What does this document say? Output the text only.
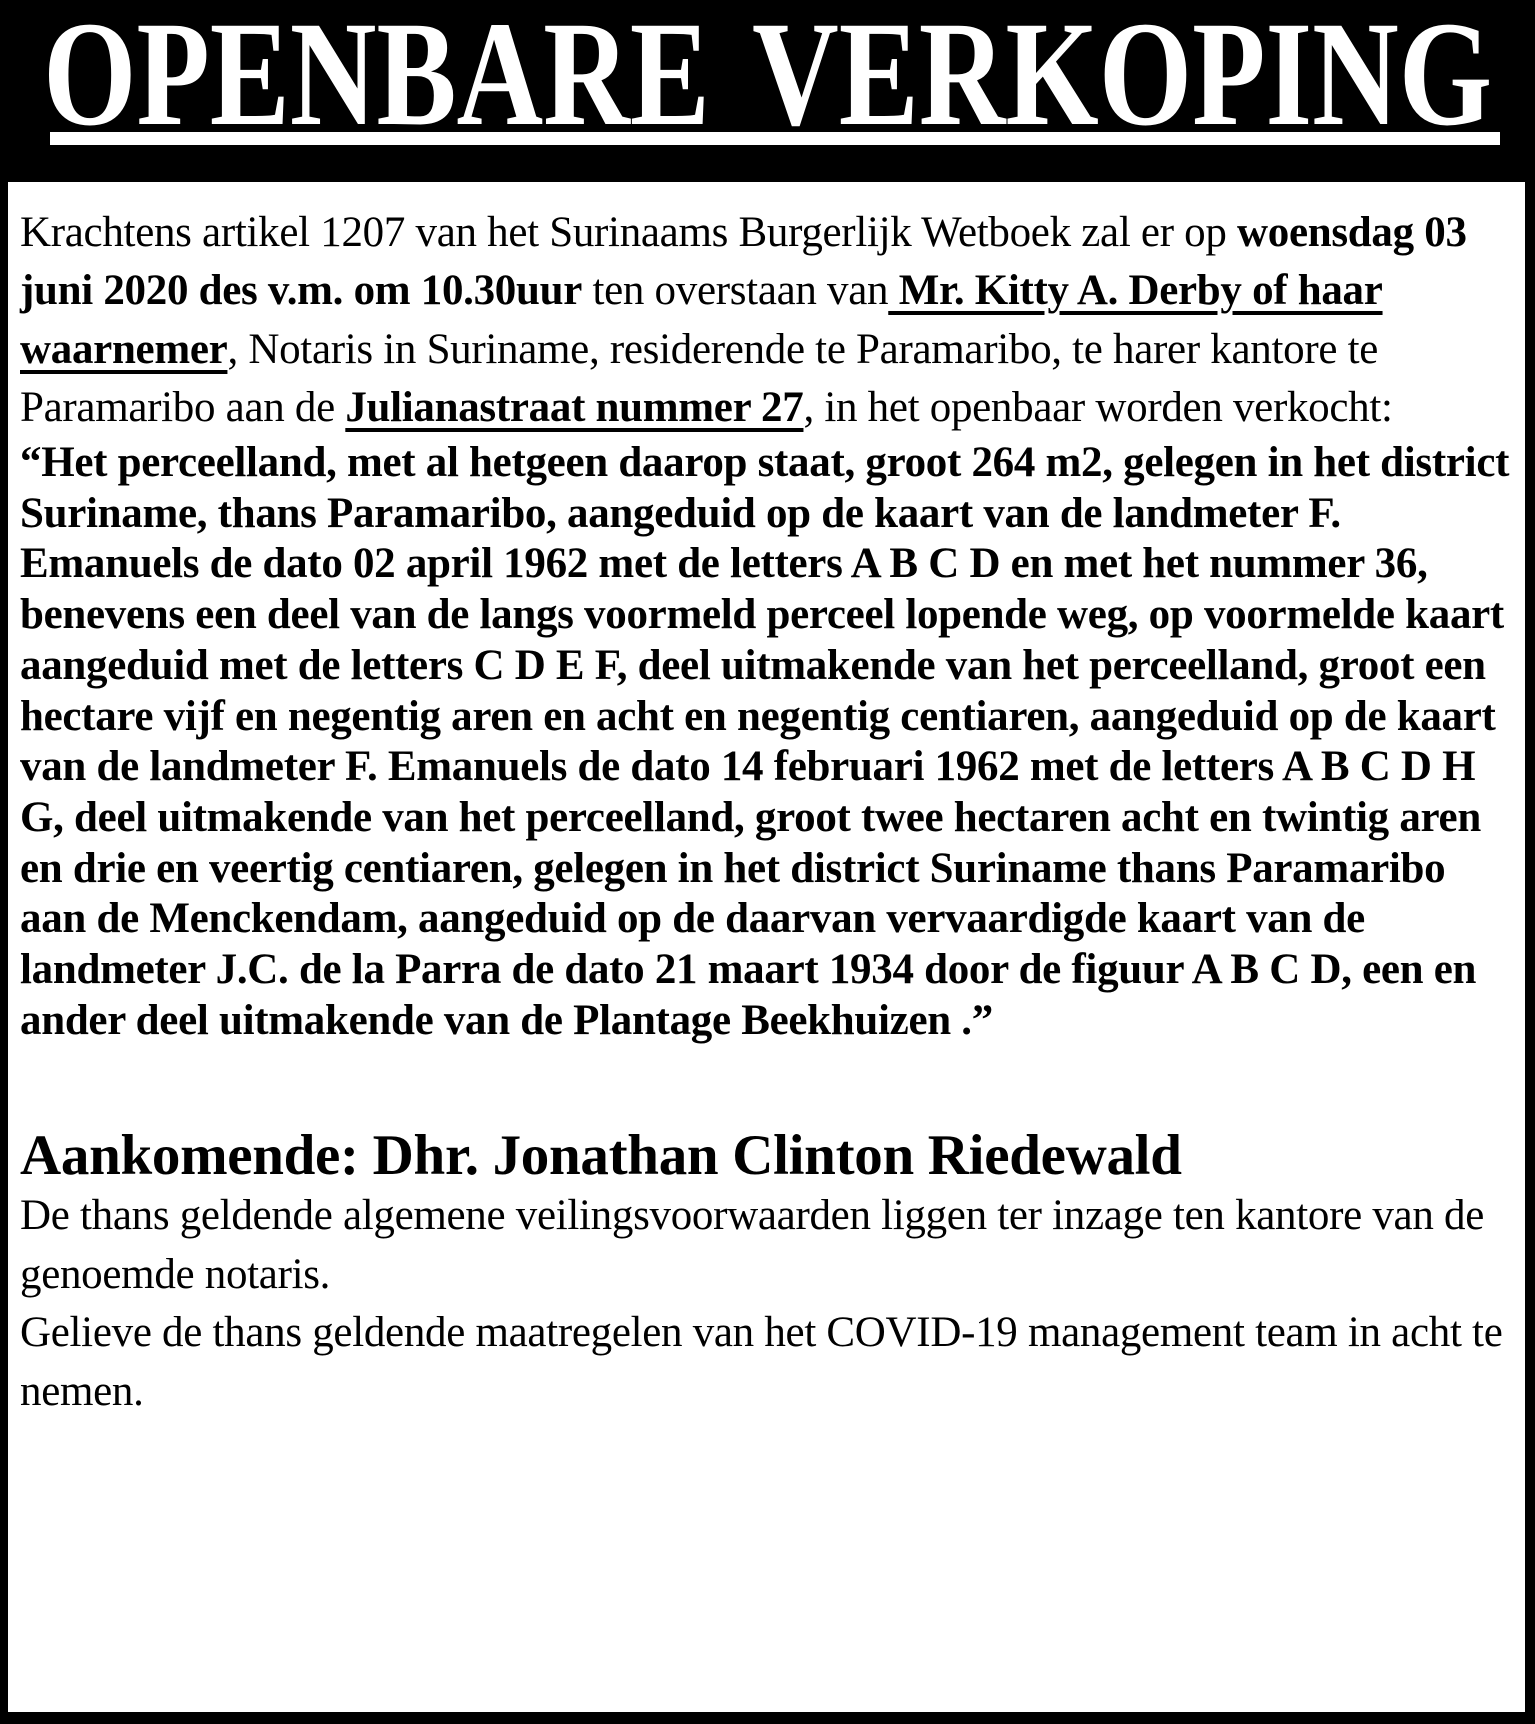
OPENBARE VERKOPING

Krachtens artikel 1207 van het Surinaams Burgerlijk Wetboek zal er op woensdag 03 juni 2020 des v.m. om 10.30uur ten overstaan van Mr. Kitty A. Derby of haar waarnemer, Notaris in Suriname, residerende te Paramaribo, te harer kantore te Paramaribo aan de Julianastraat nummer 27, in het openbaar worden verkocht:

“Het perceelland, met al hetgeen daarop staat, groot 264 m2, gelegen in het district Suriname, thans Paramaribo, aangeduid op de kaart van de landmeter F. Emanuels de dato 02 april 1962 met de letters A B C D en met het nummer 36, benevens een deel van de langs voormeld perceel lopende weg, op voormelde kaart aangeduid met de letters C D E F, deel uitmakende van het perceelland, groot een hectare vijf en negentig aren en acht en negentig centiaren, aangeduid op de kaart van de landmeter F. Emanuels de dato 14 februari 1962 met de letters A B C D H G, deel uitmakende van het perceelland, groot twee hectaren acht en twintig aren en drie en veertig centiaren, gelegen in het district Suriname thans Paramaribo aan de Menckendam, aangeduid op de daarvan vervaardigde kaart van de landmeter J.C. de la Parra de dato 21 maart 1934 door de figuur A B C D, een en ander deel uitmakende van de Plantage Beekhuizen .”

Aankomende: Dhr. Jonathan Clinton Riedewald

De thans geldende algemene veilingsvoorwaarden liggen ter inzage ten kantore van de genoemde notaris.

Gelieve de thans geldende maatregelen van het COVID-19 management team in acht te nemen.
